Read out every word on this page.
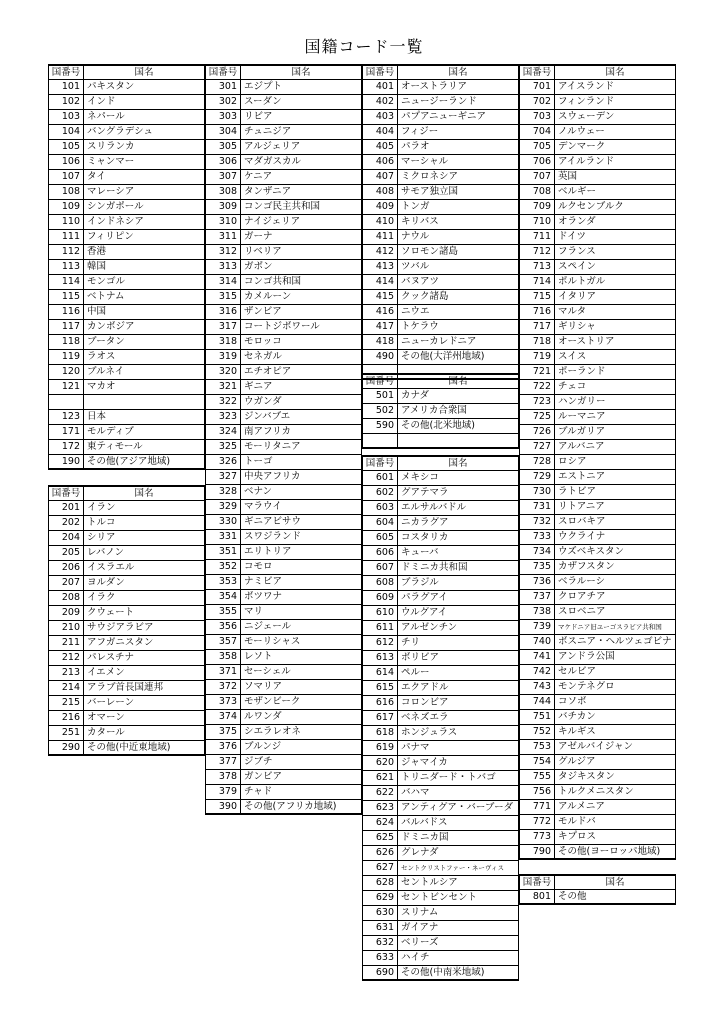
国籍コード一覧
国番号	国名
101 パキスタン
102 インド
103 ネパール
104 バングラデシュ
105 スリランカ
106 ミャンマー
107 タイ
108 マレーシア
109 シンガポール
110 インドネシア
111 フィリピン
112 香港
113 韓国
114 モンゴル
115 ベトナム
116 中国
117 カンボジア
118 ブータン
119 ラオス
120 ブルネイ
121 マカオ
123 日本
171 モルディブ
172 東ティモール
190 その他(アジア地域)
国番号	国名
201 イラン
202 トルコ
204 シリア
205 レバノン
206 イスラエル
207 ヨルダン
208 イラク
209 クウェート
210 サウジアラビア
211 アフガニスタン
212 パレスチナ
213 イエメン
214 アラブ首長国連邦
215 バーレーン
216 オマーン
251 カタール
290 その他(中近東地域)
国番号	国名
301 エジプト
302 スーダン
303 リビア
304 チュニジア
305 アルジェリア
306 マダガスカル
307 ケニア
308 タンザニア
309 コンゴ民主共和国
310 ナイジェリア
311 ガーナ
312 リベリア
313 ガボン
314 コンゴ共和国
315 カメルーン
316 ザンビア
317 コートジボワール
318 モロッコ
319 セネガル
320 エチオピア
321 ギニア
322 ウガンダ
323 ジンバブエ
324 南アフリカ
325 モーリタニア
326 トーゴ
327 中央アフリカ
328 ベナン
329 マラウイ
330 ギニアビサウ
331 スワジランド
351 エリトリア
352 コモロ
353 ナミビア
354 ボツワナ
355 マリ
356 ニジェール
357 モーリシャス
358 レソト
371 セーシェル
372 ソマリア
373 モザンビーク
374 ルワンダ
375 シエラレオネ
376 ブルンジ
377 ジブチ
378 ガンビア
379 チャド
390 その他(アフリカ地域)
国番号	国名
401 オーストラリア
402 ニュージーランド
403 パプアニューギニア
404 フィジー
405 パラオ
406 マーシャル
407 ミクロネシア
408 サモア独立国
409 トンガ
410 キリバス
411 ナウル
412 ソロモン諸島
413 ツバル
414 バヌアツ
415 クック諸島
416 ニウエ
417 トケラウ
418 ニューカレドニア
490 その他(大洋州地域)
国番号	国名
501 カナダ
502 アメリカ合衆国
590 その他(北米地域)
国番号	国名
601 メキシコ
602 グアテマラ
603 エルサルバドル
604 ニカラグア
605 コスタリカ
606 キューバ
607 ドミニカ共和国
608 ブラジル
609 パラグアイ
610 ウルグアイ
611 アルゼンチン
612 チリ
613 ボリビア
614 ペルー
615 エクアドル
616 コロンビア
617 ベネズエラ
618 ホンジュラス
619 パナマ
620 ジャマイカ
621 トリニダード・トバゴ
622 バハマ
623 アンティグア・バーブーダ
624 バルバドス
625 ドミニカ国
626 グレナダ
627	セントクリストファー・ネーヴィス
628 セントルシア
629 セントビンセント
630 スリナム
631 ガイアナ
632 ベリーズ
633 ハイチ
690 その他(中南米地域)
国番号	国名
701 アイスランド
702 フィンランド
703 スウェーデン
704 ノルウェー
705 デンマーク
706 アイルランド
707 英国
708 ベルギー
709 ルクセンブルク
710 オランダ
711 ドイツ
712 フランス
713 スペイン
714 ポルトガル
715 イタリア
716 マルタ
717 ギリシャ
718 オーストリア
719 スイス
721 ポーランド
722 チェコ
723 ハンガリー
725 ルーマニア
726 ブルガリア
727 アルバニア
728 ロシア
729 エストニア
730 ラトビア
731 リトアニア
732 スロバキア
733 ウクライナ
734 ウズベキスタン
735 カザフスタン
736 ベラルーシ
737 クロアチア
738 スロベニア
739	マケドニア旧ユーゴスラビア共和国
740 ボスニア・ヘルツェゴビナ
741 アンドラ公国
742 セルビア
743 モンテネグロ
744 コソボ
751 バチカン
752 キルギス
753 アゼルバイジャン
754 グルジア
755 タジキスタン
756 トルクメニスタン
771 アルメニア
772 モルドバ
773 キプロス
790 その他(ヨーロッパ地域)
国番号	国名
801 その他
